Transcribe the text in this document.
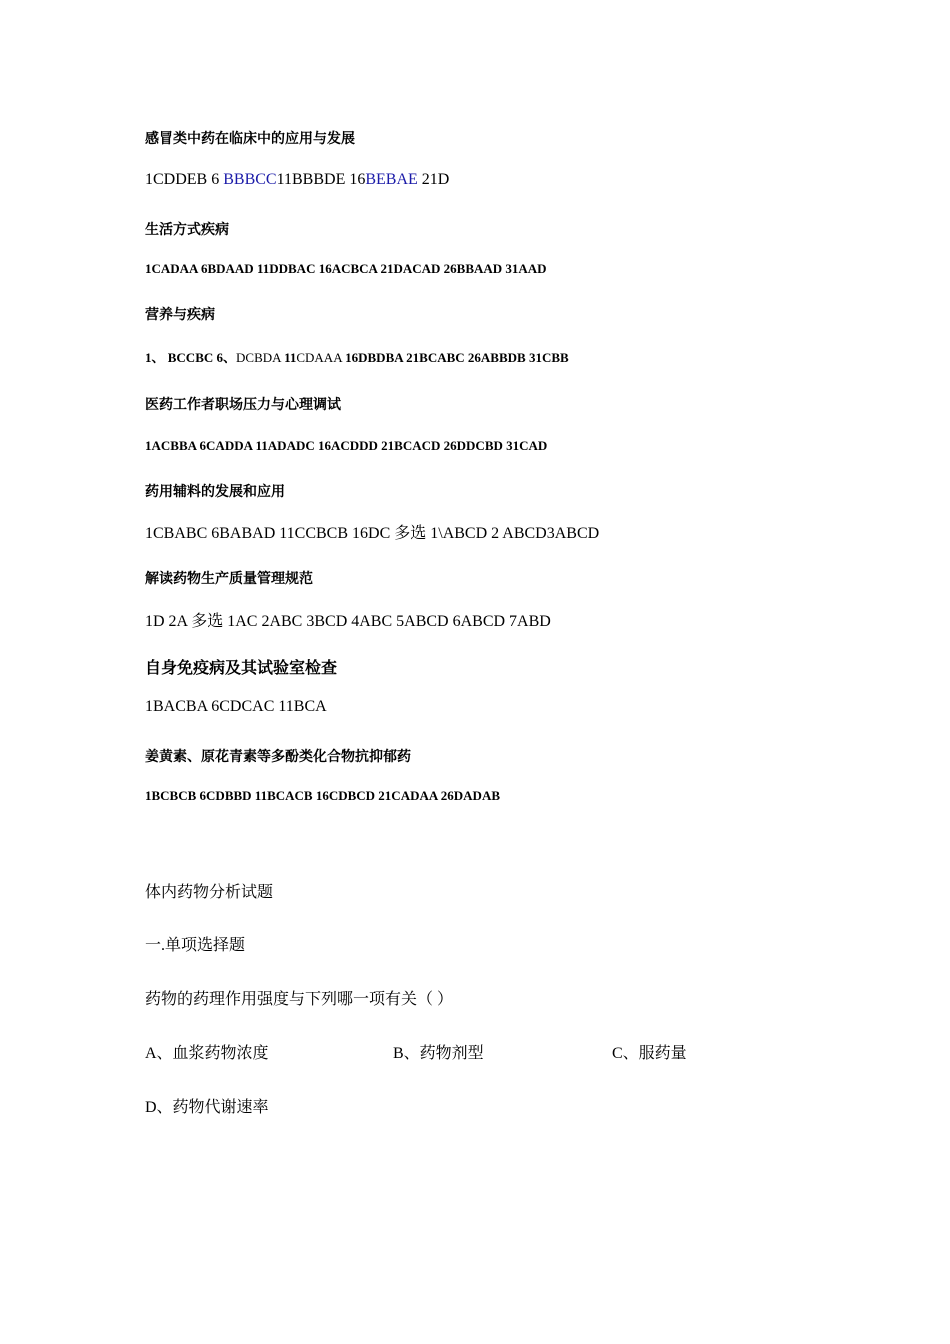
感冒类中药在临床中的应用与发展
1CDDEB 6 BBBCC11BBBDE 16BEBAE 21D
生活方式疾病
1CADAA 6BDAAD 11DDBAC 16ACBCA 21DACAD 26BBAAD 31AAD
营养与疾病
1、 BCCBC 6、DCBDA 11CDAAA 16DBDBA 21BCABC 26ABBDB 31CBB
医药工作者职场压力与心理调试
1ACBBA 6CADDA 11ADADC 16ACDDD 21BCACD 26DDCBD 31CAD
药用辅料的发展和应用
1CBABC 6BABAD 11CCBCB 16DC 多选 1\ABCD 2 ABCD3ABCD
解读药物生产质量管理规范
1D 2A 多选 1AC 2ABC 3BCD 4ABC 5ABCD 6ABCD 7ABD
自身免疫病及其试验室检查
1BACBA 6CDCAC 11BCA
姜黄素、原花青素等多酚类化合物抗抑郁药
1BCBCB 6CDBBD 11BCACB 16CDBCD 21CADAA 26DADAB
体内药物分析试题
一.单项选择题
药物的药理作用强度与下列哪一项有关（ ）
A、血浆药物浓度	B、药物剂型	C、服药量
D、药物代谢速率
